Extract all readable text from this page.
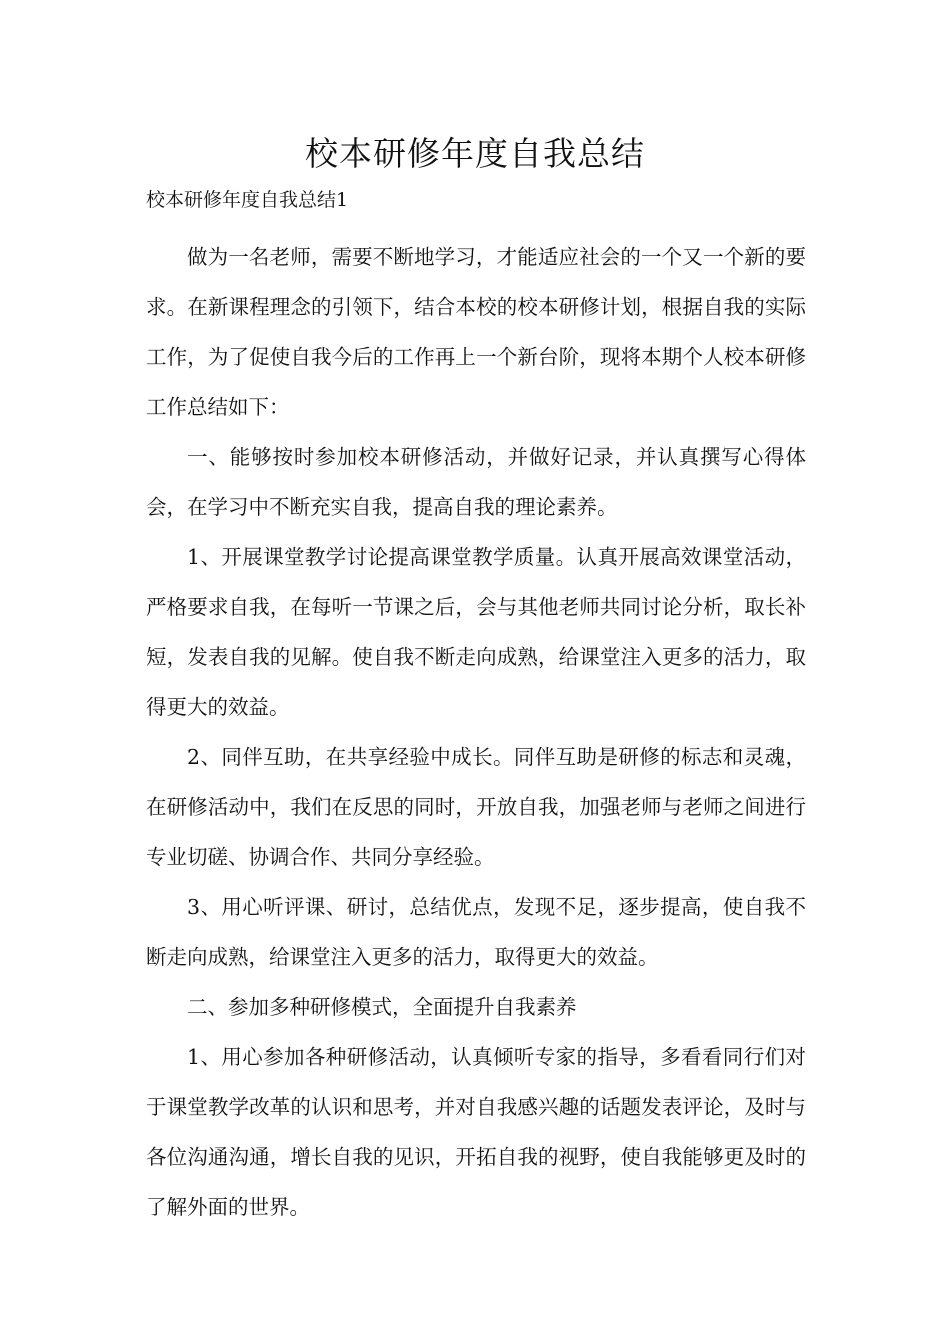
校本研修年度自我总结

校本研修年度自我总结1

做为一名老师，需要不断地学习，才能适应社会的一个又一个新的要求。在新课程理念的引领下，结合本校的校本研修计划，根据自我的实际工作，为了促使自我今后的工作再上一个新台阶，现将本期个人校本研修工作总结如下：

一、能够按时参加校本研修活动，并做好记录，并认真撰写心得体会，在学习中不断充实自我，提高自我的理论素养。

1、开展课堂教学讨论提高课堂教学质量。认真开展高效课堂活动，严格要求自我，在每听一节课之后，会与其他老师共同讨论分析，取长补短，发表自我的见解。使自我不断走向成熟，给课堂注入更多的活力，取得更大的效益。

2、同伴互助，在共享经验中成长。同伴互助是研修的标志和灵魂，在研修活动中，我们在反思的同时，开放自我，加强老师与老师之间进行专业切磋、协调合作、共同分享经验。

3、用心听评课、研讨，总结优点，发现不足，逐步提高，使自我不断走向成熟，给课堂注入更多的活力，取得更大的效益。

二、参加多种研修模式，全面提升自我素养

1、用心参加各种研修活动，认真倾听专家的指导，多看看同行们对于课堂教学改革的认识和思考，并对自我感兴趣的话题发表评论，及时与各位沟通沟通，增长自我的见识，开拓自我的视野，使自我能够更及时的了解外面的世界。
